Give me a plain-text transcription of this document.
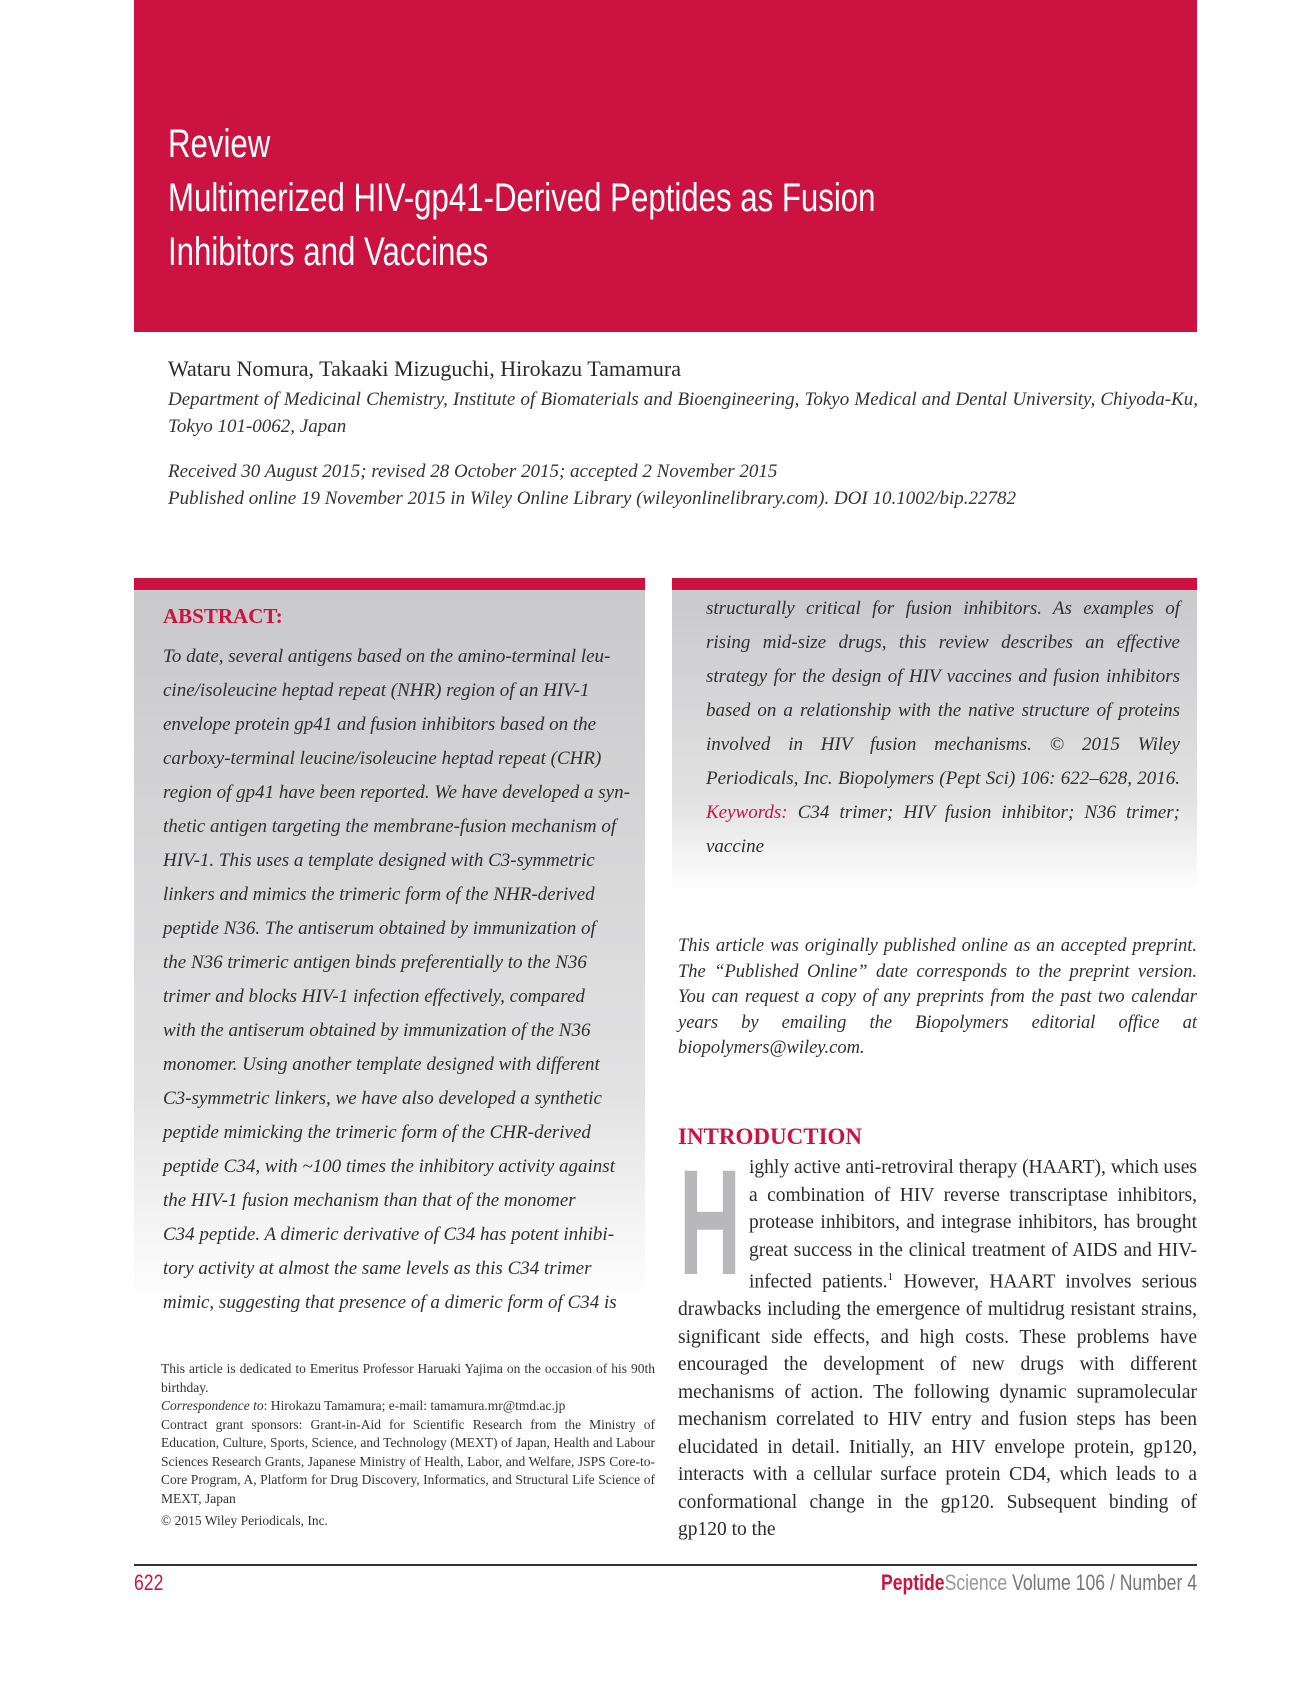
Review
Multimerized HIV-gp41-Derived Peptides as Fusion
Inhibitors and Vaccines
Wataru Nomura, Takaaki Mizuguchi, Hirokazu Tamamura
Department of Medicinal Chemistry, Institute of Biomaterials and Bioengineering, Tokyo Medical and Dental University, Chiyoda-Ku, Tokyo 101-0062, Japan
Received 30 August 2015; revised 28 October 2015; accepted 2 November 2015
Published online 19 November 2015 in Wiley Online Library (wileyonlinelibrary.com). DOI 10.1002/bip.22782
ABSTRACT:
To date, several antigens based on the amino-terminal leu-
cine/isoleucine heptad repeat (NHR) region of an HIV-1
envelope protein gp41 and fusion inhibitors based on the
carboxy-terminal leucine/isoleucine heptad repeat (CHR)
region of gp41 have been reported. We have developed a syn-
thetic antigen targeting the membrane-fusion mechanism of
HIV-1. This uses a template designed with C3-symmetric
linkers and mimics the trimeric form of the NHR-derived
peptide N36. The antiserum obtained by immunization of
the N36 trimeric antigen binds preferentially to the N36
trimer and blocks HIV-1 infection effectively, compared
with the antiserum obtained by immunization of the N36
monomer. Using another template designed with different
C3-symmetric linkers, we have also developed a synthetic
peptide mimicking the trimeric form of the CHR-derived
peptide C34, with ~100 times the inhibitory activity against
the HIV-1 fusion mechanism than that of the monomer
C34 peptide. A dimeric derivative of C34 has potent inhibi-
tory activity at almost the same levels as this C34 trimer
mimic, suggesting that presence of a dimeric form of C34 is
structurally critical for fusion inhibitors. As examples of rising mid-size drugs, this review describes an effective strategy for the design of HIV vaccines and fusion inhibitors based on a relationship with the native structure of proteins involved in HIV fusion mechanisms. © 2015 Wiley Periodicals, Inc. Biopolymers (Pept Sci) 106: 622–628, 2016. Keywords: C34 trimer; HIV fusion inhibitor; N36 trimer; vaccine
This article was originally published online as an accepted preprint. The “Published Online” date corresponds to the preprint version. You can request a copy of any preprints from the past two calendar years by emailing the Biopolymers editorial office at biopolymers@wiley.com.
INTRODUCTION
H ighly active anti-retroviral therapy (HAART), which uses a combination of HIV reverse transcriptase inhibitors, protease inhibitors, and integrase inhibitors, has brought great success in the clinical treatment of AIDS and HIV-infected patients.$^1$ However, HAART involves serious drawbacks including the emergence of multidrug resistant strains, significant side effects, and high costs. These problems have encouraged the development of new drugs with different mechanisms of action. The following dynamic supramolecular mechanism correlated to HIV entry and fusion steps has been elucidated in detail. Initially, an HIV envelope protein, gp120, interacts with a cellular surface protein CD4, which leads to a conformational change in the gp120. Subsequent binding of gp120 to the

This article is dedicated to Emeritus Professor Haruaki Yajima on the occasion of his 90th birthday.

Correspondence to: Hirokazu Tamamura; e-mail: tamamura.mr@tmd.ac.jp

Contract grant sponsors: Grant-in-Aid for Scientific Research from the Ministry of Education, Culture, Sports, Science, and Technology (MEXT) of Japan, Health and Labour Sciences Research Grants, Japanese Ministry of Health, Labor, and Welfare, JSPS Core-to-Core Program, A, Platform for Drug Discovery, Informatics, and Structural Life Science of MEXT, Japan

© 2015 Wiley Periodicals, Inc.

622	PeptideScience Volume 106 / Number 4
